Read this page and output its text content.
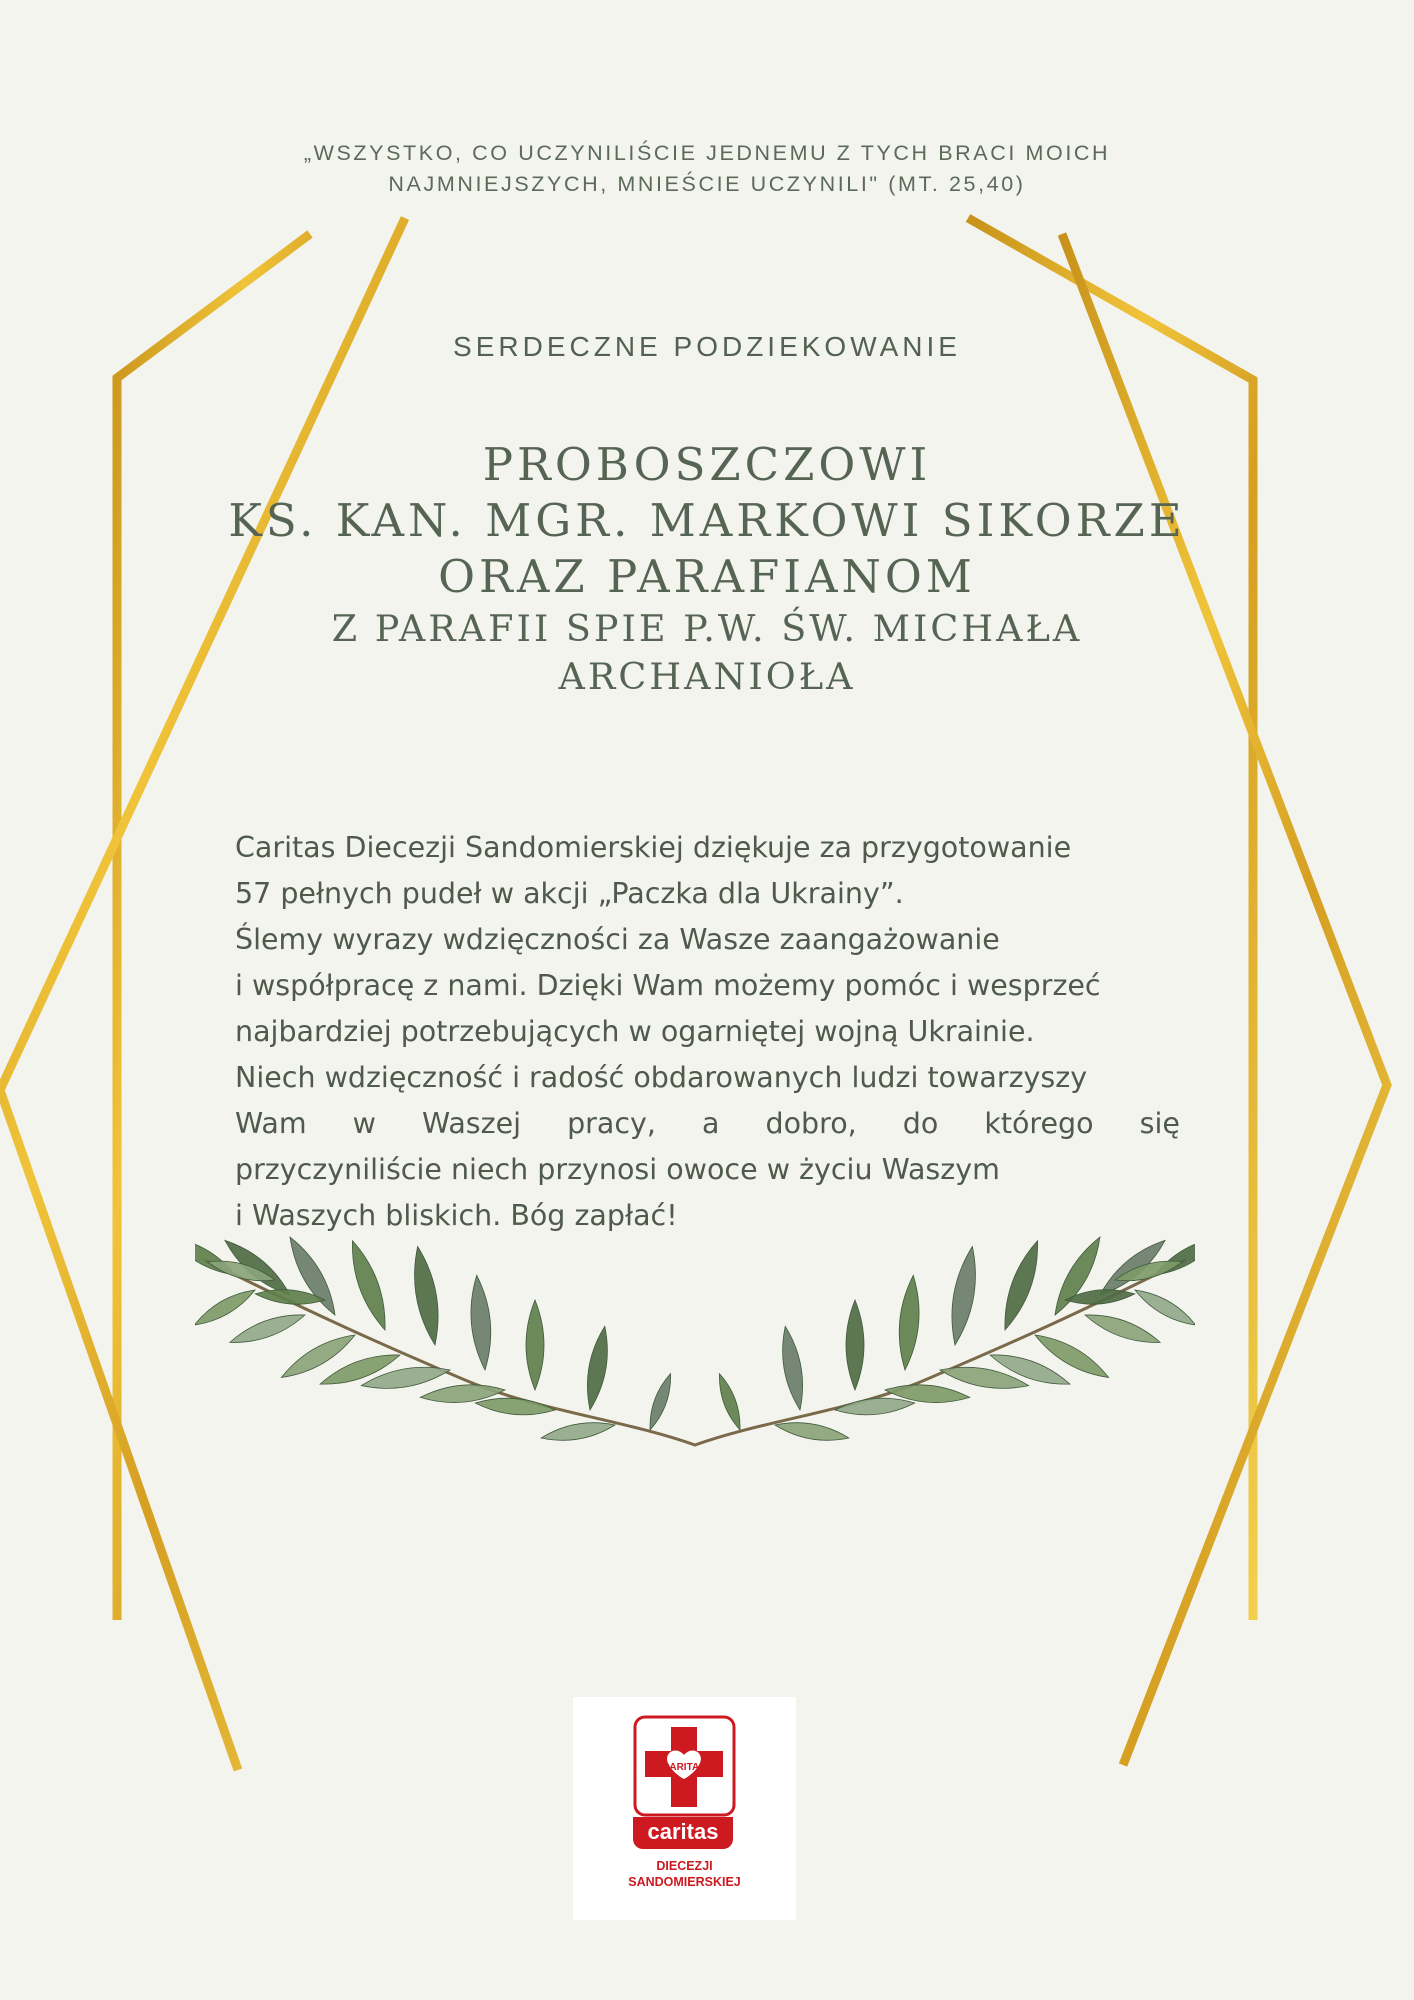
„WSZYSTKO, CO UCZYNILIŚCIE JEDNEMU Z TYCH BRACI MOICH
NAJMNIEJSZYCH, MNIEŚCIE UCZYNILI" (MT. 25,40)
SERDECZNE PODZIEKOWANIE
PROBOSZCZOWI
KS. KAN. MGR. MARKOWI SIKORZE
ORAZ PARAFIANOM
Z PARAFII SPIE P.W. ŚW. MICHAŁA
ARCHANIOŁA
Caritas Diecezji Sandomierskiej dziękuje za przygotowanie
57 pełnych pudeł w akcji „Paczka dla Ukrainy”.
Ślemy wyrazy wdzięczności za Wasze zaangażowanie
i współpracę z nami. Dzięki Wam możemy pomóc i wesprzeć
najbardziej potrzebujących w ogarniętej wojną Ukrainie.
Niech wdzięczność i radość obdarowanych ludzi towarzyszy
Wam w Waszej pracy, a dobro, do którego się
przyczyniliście niech przynosi owoce w życiu Waszym
i Waszych bliskich. Bóg zapłać!
CARITAS
caritas
DIECEZJI
SANDOMIERSKIEJ
